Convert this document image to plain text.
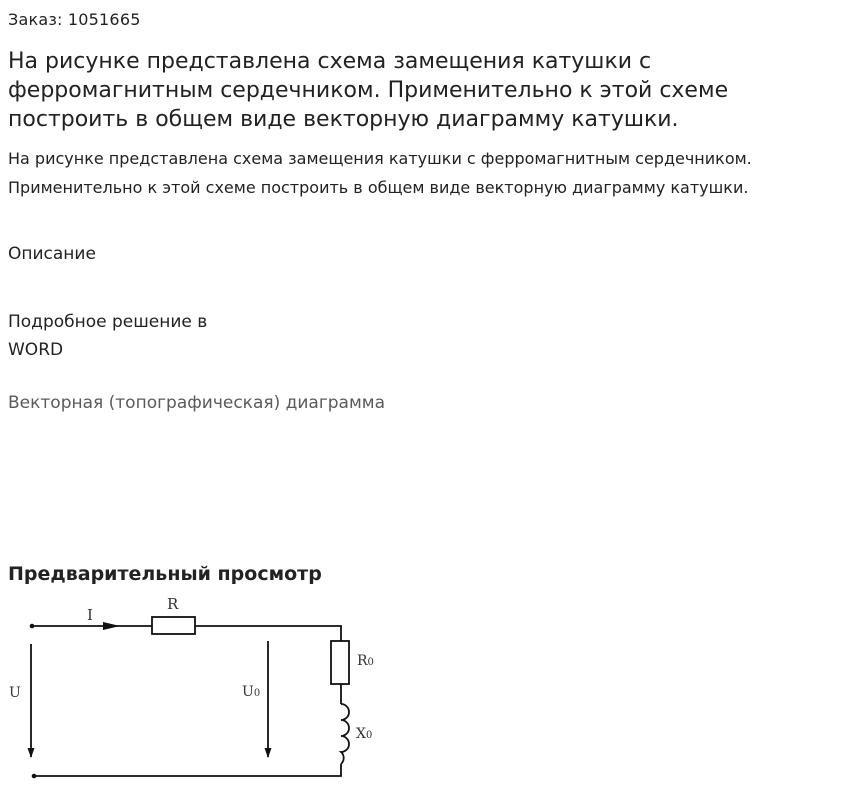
Заказ: 1051665
На рисунке представлена схема замещения катушки с ферромагнитным сердечником. Применительно к этой схеме построить в общем виде векторную диаграмму катушки.
На рисунке представлена схема замещения катушки с ферромагнитным сердечником. Применительно к этой схеме построить в общем виде векторную диаграмму катушки.
Описание
Подробное решение в
WORD
Векторная (топографическая) диаграмма
Предварительный просмотр
I
R
R0
X0
U	U0
